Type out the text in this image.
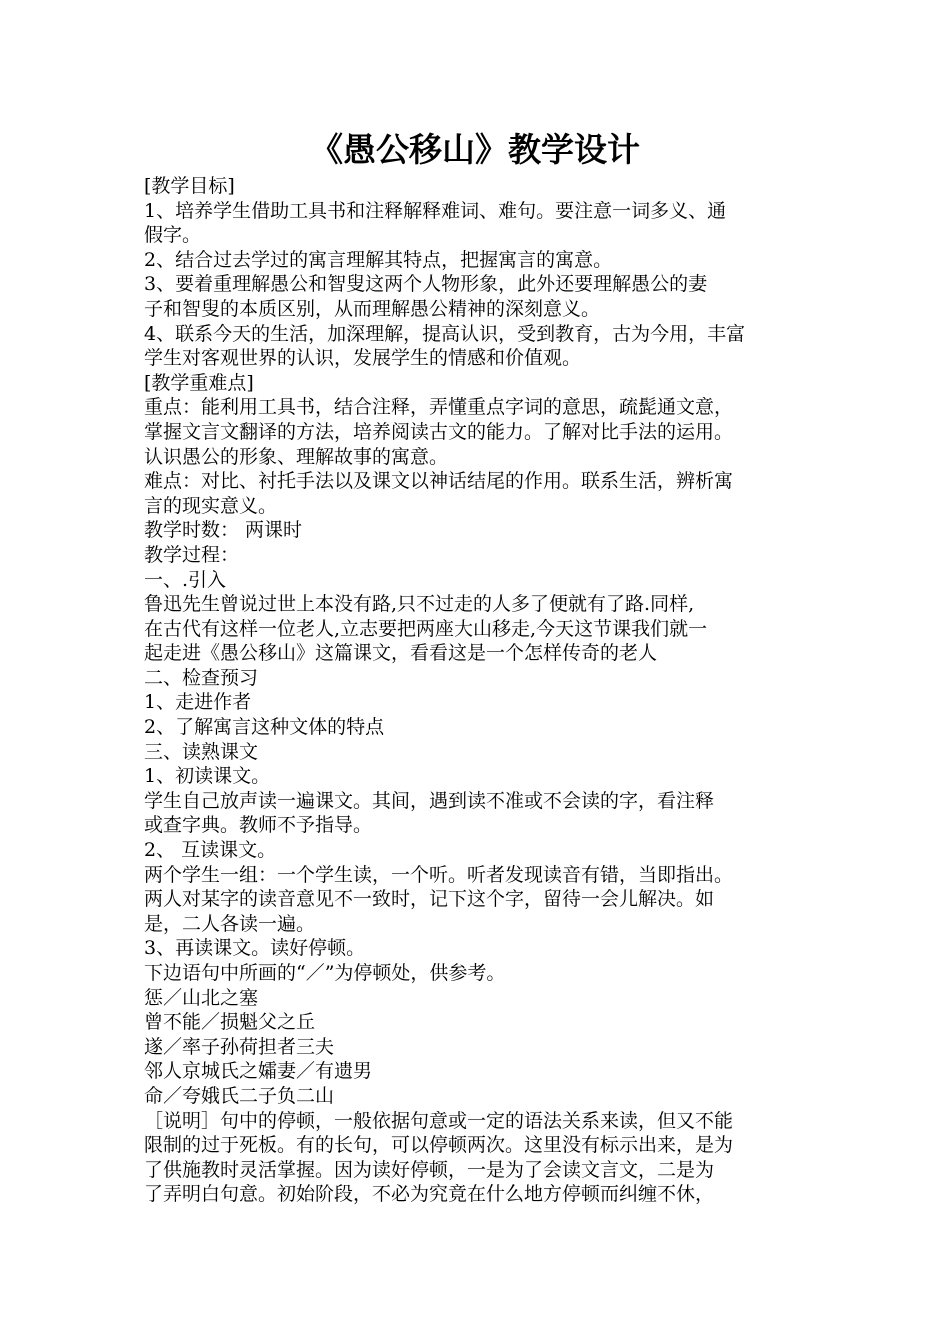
《愚公移山》教学设计

[教学目标]

1、培养学生借助工具书和注释解释难词、难句。要注意一词多义、通

假字。

2、结合过去学过的寓言理解其特点，把握寓言的寓意。

3、要着重理解愚公和智叟这两个人物形象，此外还要理解愚公的妻

子和智叟的本质区别，从而理解愚公精神的深刻意义。

4、联系今天的生活，加深理解，提高认识，受到教育，古为今用，丰富

学生对客观世界的认识，发展学生的情感和价值观。

[教学重难点]

重点：能利用工具书，结合注释，弄懂重点字词的意思，疏髭通文意，

掌握文言文翻译的方法，培养阅读古文的能力。了解对比手法的运用。

认识愚公的形象、理解故事的寓意。

难点：对比、衬托手法以及课文以神话结尾的作用。联系生活，辨析寓

言的现实意义。

教学时数： 两课时

教学过程：

一、.引入

鲁迅先生曾说过世上本没有路,只不过走的人多了便就有了路.同样,

在古代有这样一位老人,立志要把两座大山移走,今天这节课我们就一

起走进《愚公移山》这篇课文，看看这是一个怎样传奇的老人

二、检查预习

1、走进作者

2、了解寓言这种文体的特点

三、读熟课文

1、初读课文。

学生自己放声读一遍课文。其间，遇到读不准或不会读的字，看注释

或查字典。教师不予指导。

2、 互读课文。

两个学生一组：一个学生读，一个听。听者发现读音有错，当即指出。

两人对某字的读音意见不一致时，记下这个字，留待一会儿解决。如

是，二人各读一遍。

3、再读课文。读好停顿。

下边语句中所画的“／”为停顿处，供参考。

惩／山北之塞

曾不能／损魁父之丘

遂／率子孙荷担者三夫

邻人京城氏之孀妻／有遗男

命／夸娥氏二子负二山

［说明］句中的停顿，一般依据句意或一定的语法关系来读，但又不能

限制的过于死板。有的长句，可以停顿两次。这里没有标示出来，是为

了供施教时灵活掌握。因为读好停顿，一是为了会读文言文，二是为

了弄明白句意。初始阶段，不必为究竟在什么地方停顿而纠缠不休，
